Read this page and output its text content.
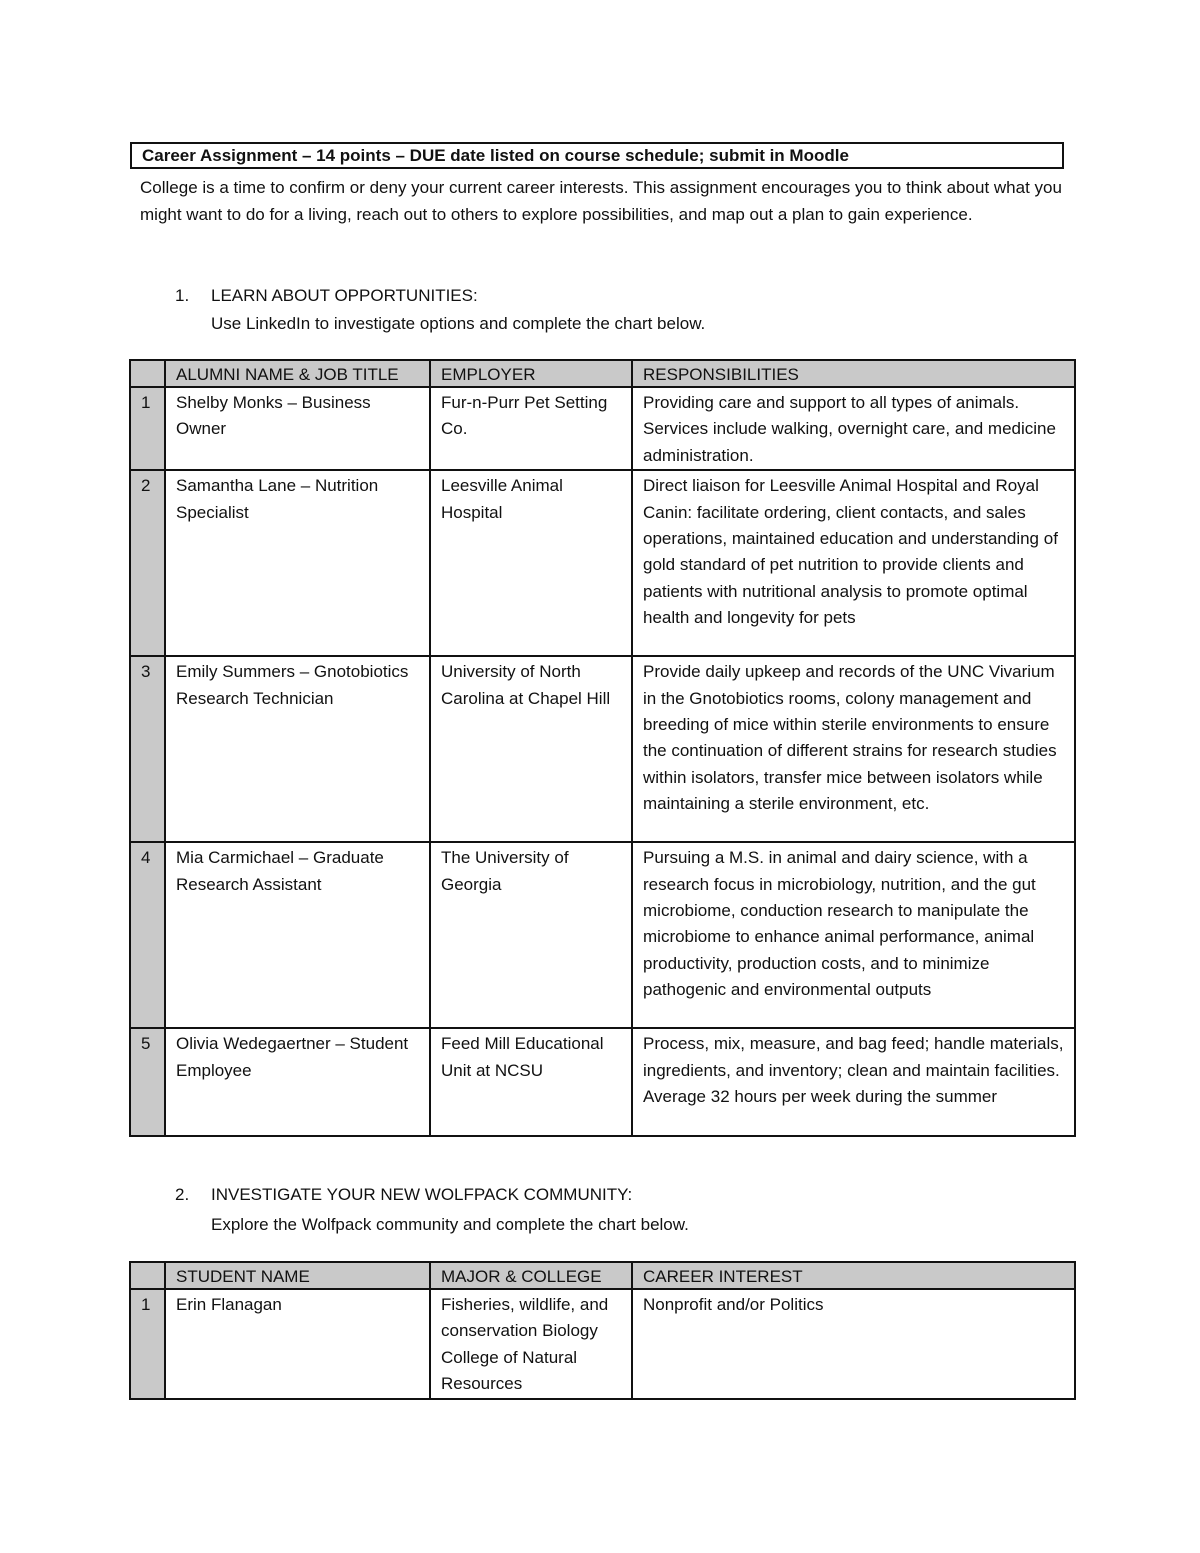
Career Assignment – 14 points – DUE date listed on course schedule; submit in Moodle
College is a time to confirm or deny your current career interests. This assignment encourages you to think about what you might want to do for a living, reach out to others to explore possibilities, and map out a plan to gain experience.
1. LEARN ABOUT OPPORTUNITIES:
Use LinkedIn to investigate options and complete the chart below.
	ALUMNI NAME & JOB TITLE	EMPLOYER	RESPONSIBILITIES
1	Shelby Monks – Business Owner	Fur-n-Purr Pet Setting Co.	Providing care and support to all types of animals. Services include walking, overnight care, and medicine administration.
2	Samantha Lane – Nutrition Specialist	Leesville Animal Hospital	Direct liaison for Leesville Animal Hospital and Royal Canin: facilitate ordering, client contacts, and sales operations, maintained education and understanding of gold standard of pet nutrition to provide clients and patients with nutritional analysis to promote optimal health and longevity for pets
3	Emily Summers – Gnotobiotics Research Technician	University of North Carolina at Chapel Hill	Provide daily upkeep and records of the UNC Vivarium in the Gnotobiotics rooms, colony management and breeding of mice within sterile environments to ensure the continuation of different strains for research studies within isolators, transfer mice between isolators while maintaining a sterile environment, etc.
4	Mia Carmichael – Graduate Research Assistant	The University of Georgia	Pursuing a M.S. in animal and dairy science, with a research focus in microbiology, nutrition, and the gut microbiome, conduction research to manipulate the microbiome to enhance animal performance, animal productivity, production costs, and to minimize pathogenic and environmental outputs
5	Olivia Wedegaertner – Student Employee	Feed Mill Educational Unit at NCSU	Process, mix, measure, and bag feed; handle materials, ingredients, and inventory; clean and maintain facilities. Average 32 hours per week during the summer
2. INVESTIGATE YOUR NEW WOLFPACK COMMUNITY:
Explore the Wolfpack community and complete the chart below.
	STUDENT NAME	MAJOR & COLLEGE	CAREER INTEREST
1	Erin Flanagan	Fisheries, wildlife, and conservation Biology College of Natural Resources	Nonprofit and/or Politics
